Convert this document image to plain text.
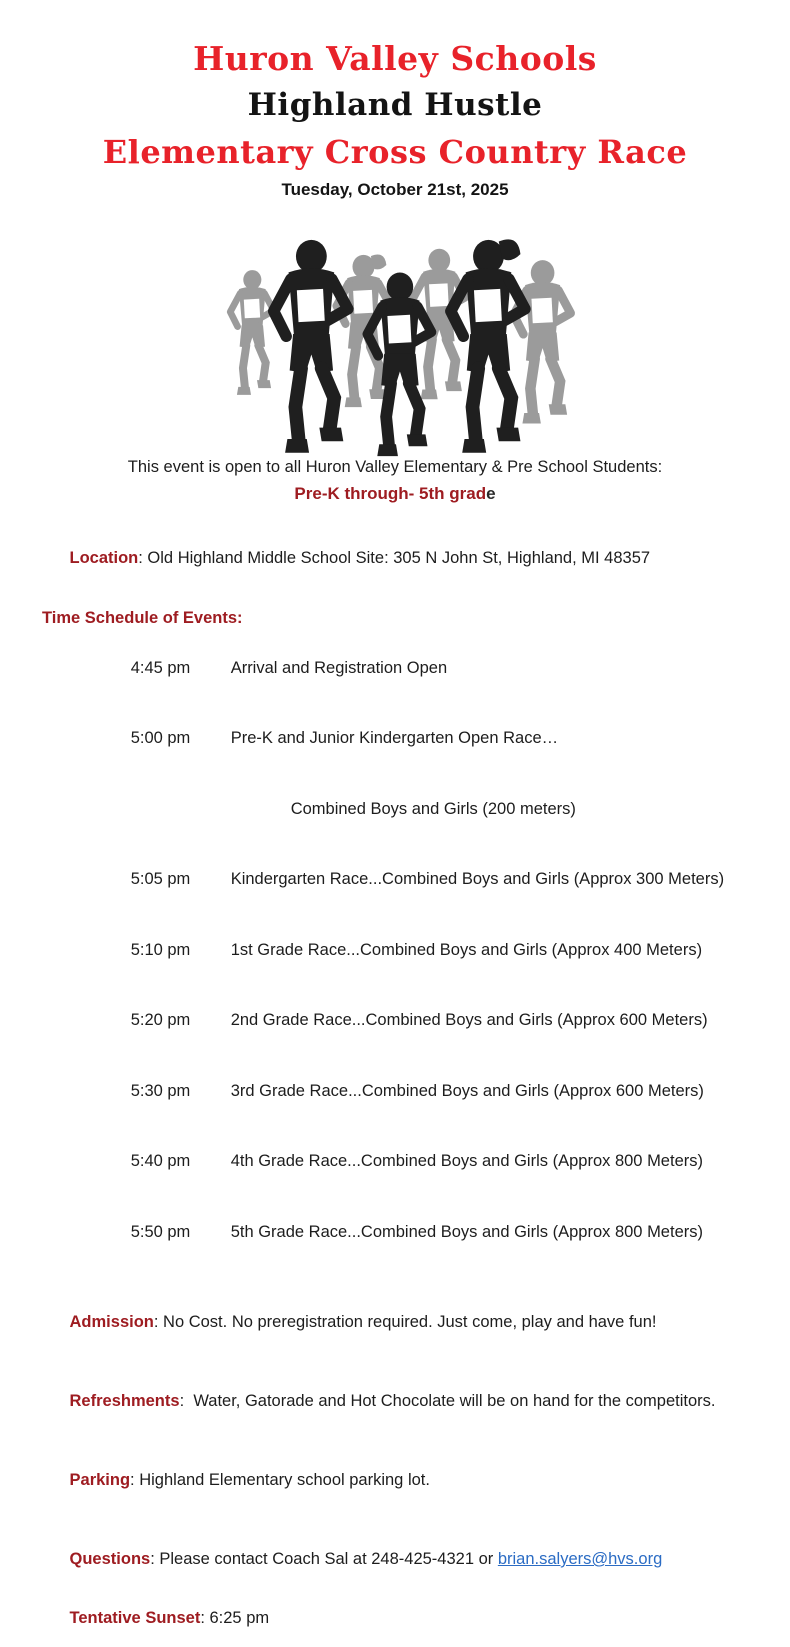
Huron Valley Schools
Highland Hustle
Elementary Cross Country Race
Tuesday, October 21st, 2025
This event is open to all Huron Valley Elementary & Pre School Students:
Pre-K through- 5th grade

Location: Old Highland Middle School Site: 305 N John St, Highland, MI 48357

Time Schedule of Events:

4:45 pm Arrival and Registration Open

5:00 pm Pre-K and Junior Kindergarten Open Race…

Combined Boys and Girls (200 meters)

5:05 pm Kindergarten Race...Combined Boys and Girls (Approx 300 Meters)

5:10 pm 1st Grade Race...Combined Boys and Girls (Approx 400 Meters)

5:20 pm 2nd Grade Race...Combined Boys and Girls (Approx 600 Meters)

5:30 pm 3rd Grade Race...Combined Boys and Girls (Approx 600 Meters)

5:40 pm 4th Grade Race...Combined Boys and Girls (Approx 800 Meters)

5:50 pm 5th Grade Race...Combined Boys and Girls (Approx 800 Meters)

Admission: No Cost. No preregistration required. Just come, play and have fun!

Refreshments:  Water, Gatorade and Hot Chocolate will be on hand for the competitors.

Parking: Highland Elementary school parking lot.

Questions: Please contact Coach Sal at 248-425-4321 or brian.salyers@hvs.org

Tentative Sunset: 6:25 pm
